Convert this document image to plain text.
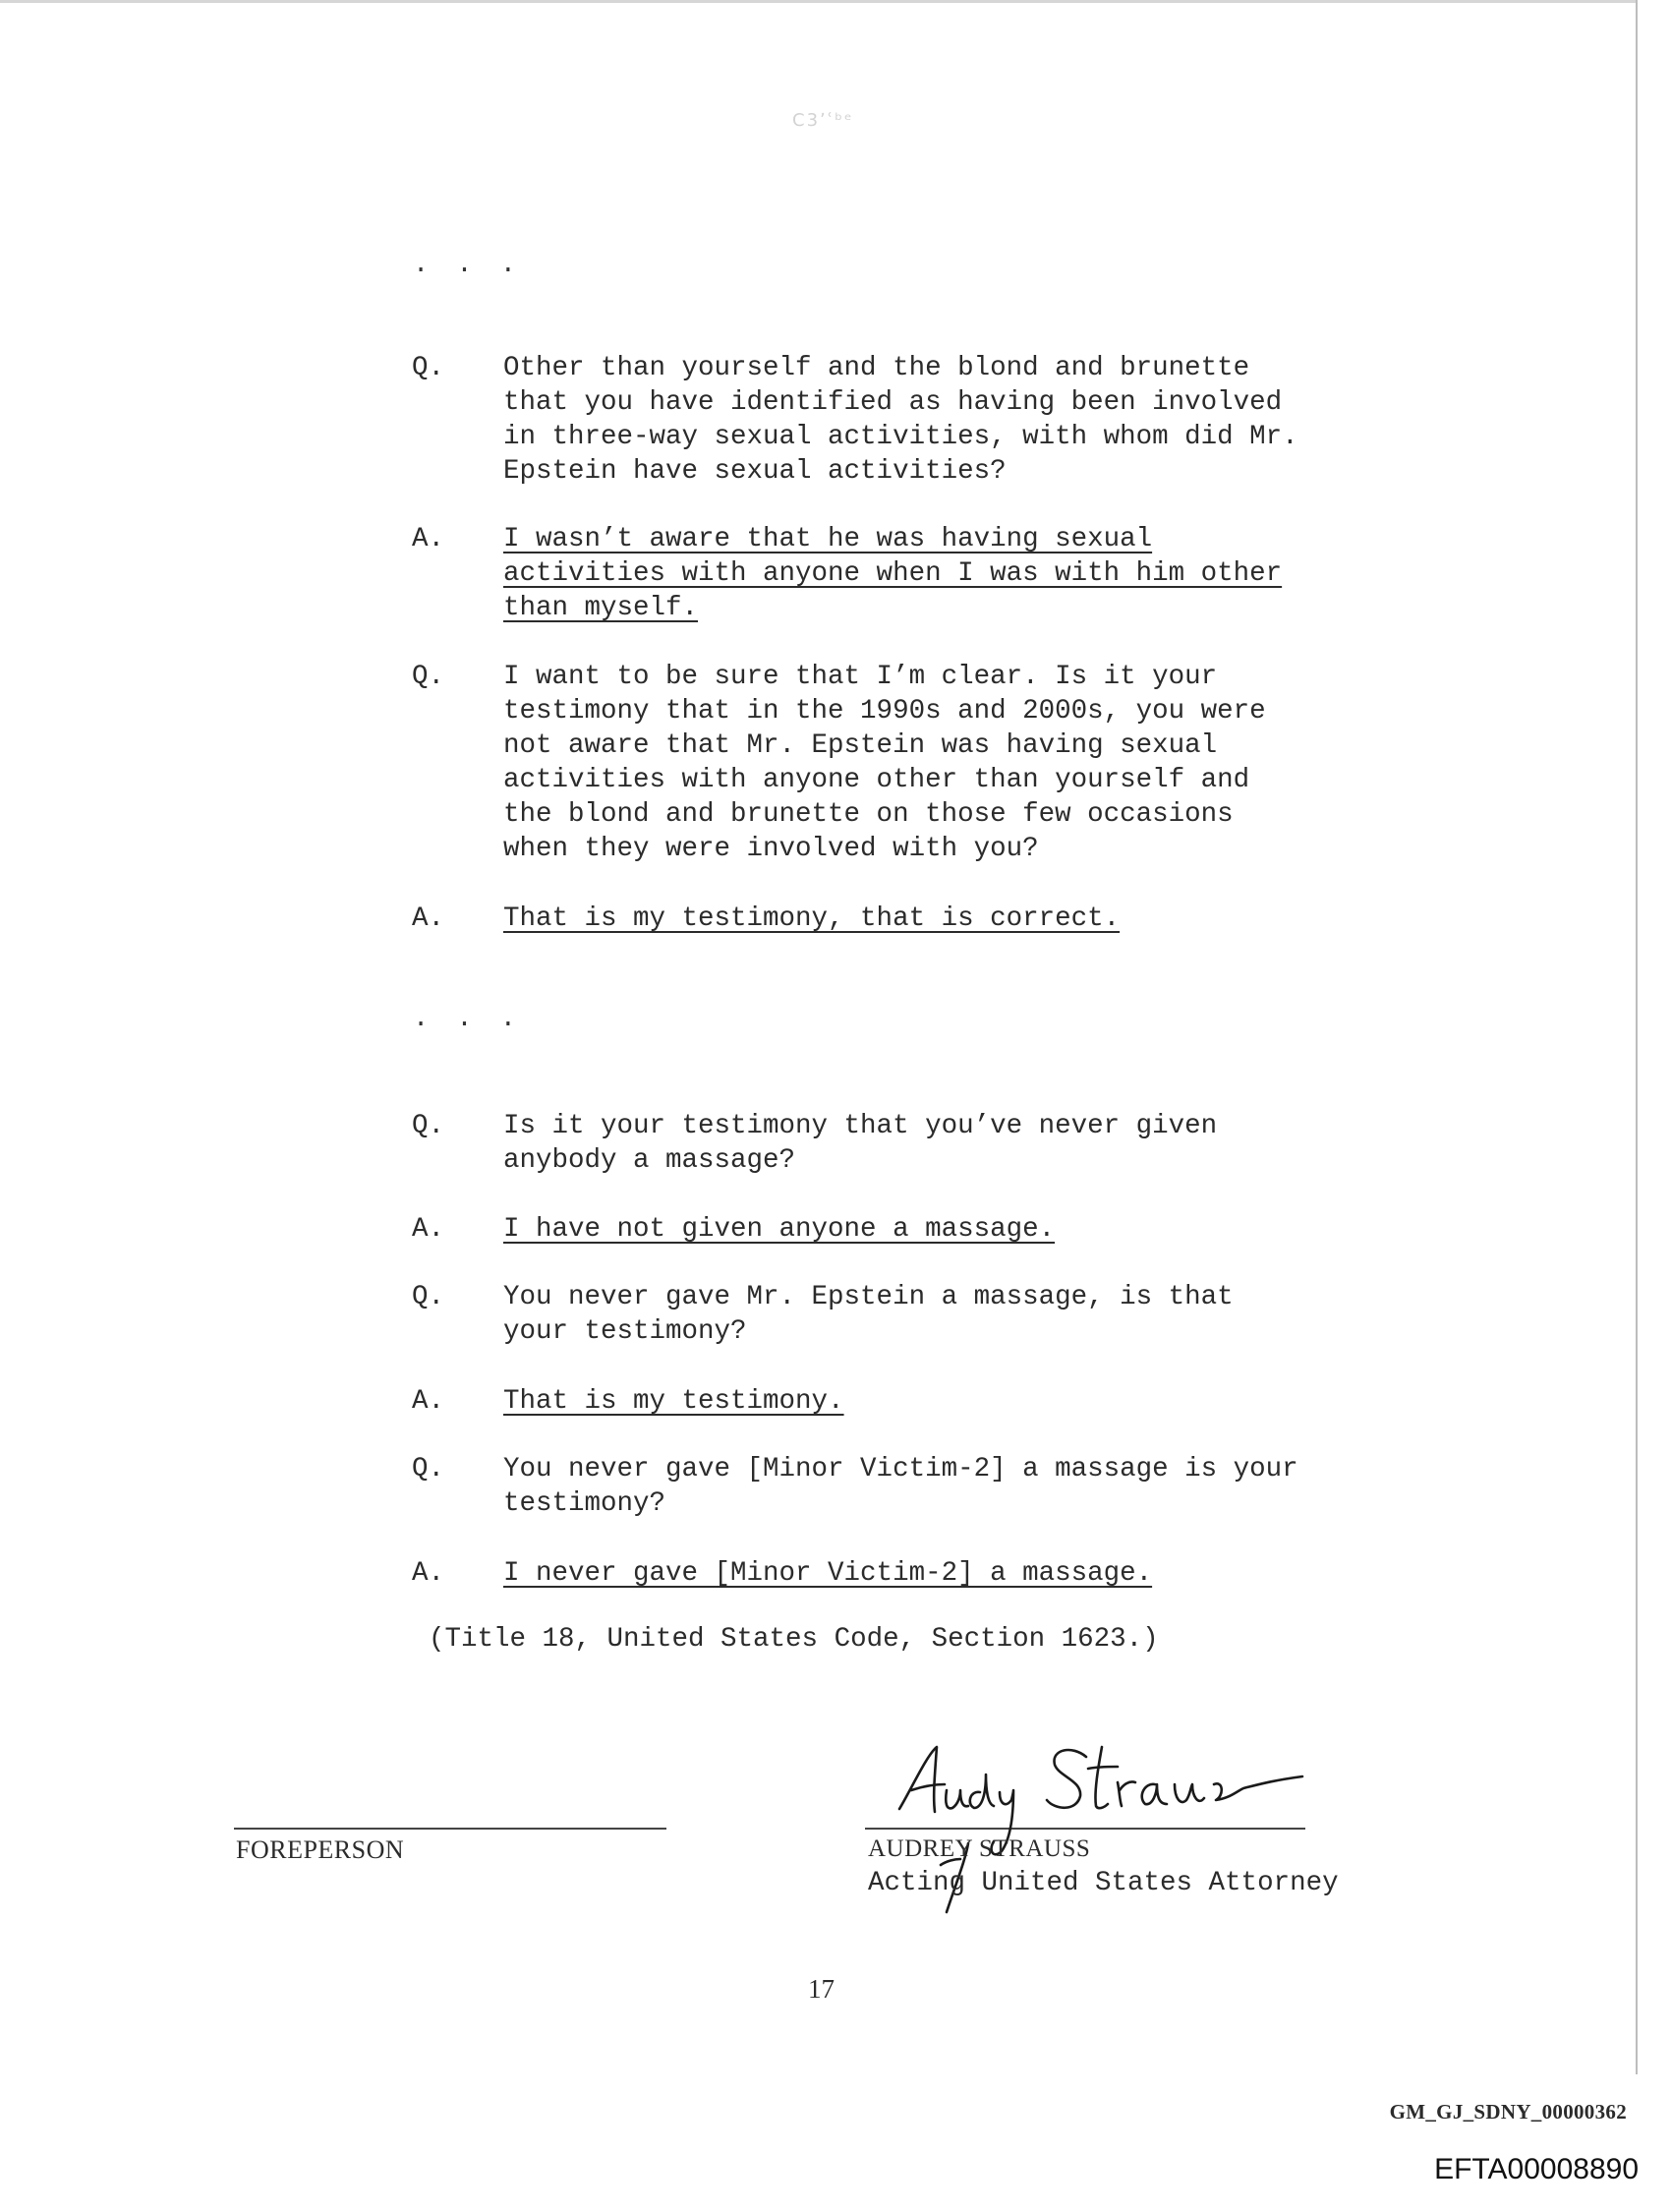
C3ʼʿᵇᵉ
. . .
Q. Other than yourself and the blond and brunette
that you have identified as having been involved
in three-way sexual activities, with whom did Mr.
Epstein have sexual activities?
A. I wasn’t aware that he was having sexual
activities with anyone when I was with him other
than myself.
Q. I want to be sure that I’m clear. Is it your
testimony that in the 1990s and 2000s, you were
not aware that Mr. Epstein was having sexual
activities with anyone other than yourself and
the blond and brunette on those few occasions
when they were involved with you?
A. That is my testimony, that is correct.
. . .
Q. Is it your testimony that you’ve never given
anybody a massage?
A. I have not given anyone a massage.
Q. You never gave Mr. Epstein a massage, is that
your testimony?
A. That is my testimony.
Q. You never gave [Minor Victim-2] a massage is your
testimony?
A. I never gave [Minor Victim-2] a massage.
(Title 18, United States Code, Section 1623.)
FOREPERSON	AUDREY STRAUSS
Acting United States Attorney
17
GM_GJ_SDNY_00000362
EFTA00008890
